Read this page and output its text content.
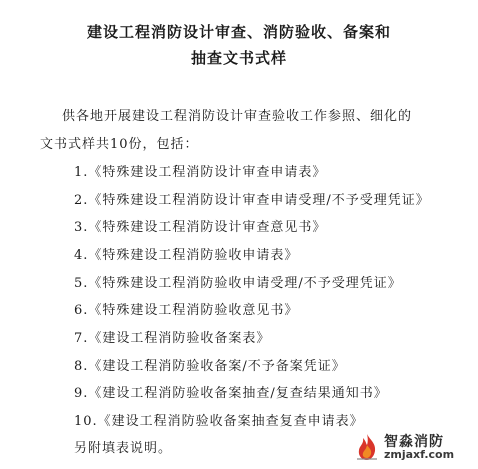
建设工程消防设计审查、消防验收、备案和
抽查文书式样
供各地开展建设工程消防设计审查验收工作参照、细化的
文书式样共10份，包括：
1.《特殊建设工程消防设计审查申请表》
2.《特殊建设工程消防设计审查申请受理/不予受理凭证》
3.《特殊建设工程消防设计审查意见书》
4.《特殊建设工程消防验收申请表》
5.《特殊建设工程消防验收申请受理/不予受理凭证》
6.《特殊建设工程消防验收意见书》
7.《建设工程消防验收备案表》
8.《建设工程消防验收备案/不予备案凭证》
9.《建设工程消防验收备案抽查/复查结果通知书》
10.《建设工程消防验收备案抽查复查申请表》
另附填表说明。	智淼消防
zmjaxf.com
